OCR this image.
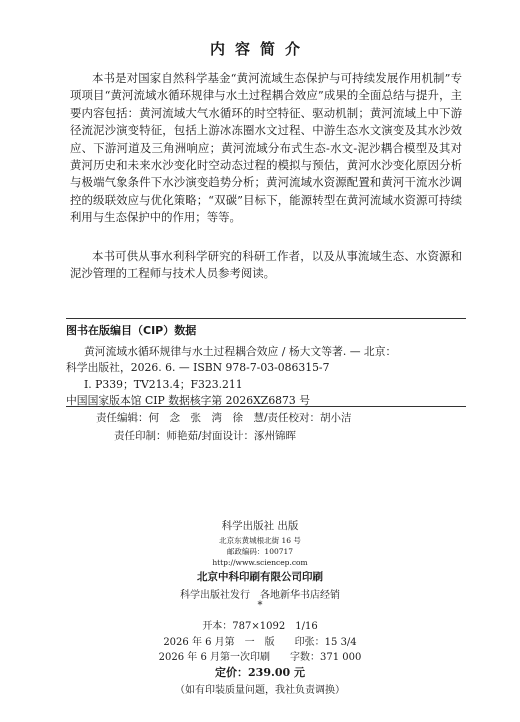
内容简介

本书是对国家自然科学基金“黄河流域生态保护与可持续发展作用机制”专项项目“黄河流域水循环规律与水土过程耦合效应”成果的全面总结与提升，主要内容包括：黄河流域大气水循环的时空特征、驱动机制；黄河流域上中下游径流泥沙演变特征，包括上游冰冻圈水文过程、中游生态水文演变及其水沙效应、下游河道及三角洲响应；黄河流域分布式生态-水文-泥沙耦合模型及其对黄河历史和未来水沙变化时空动态过程的模拟与预估，黄河水沙变化原因分析与极端气象条件下水沙演变趋势分析；黄河流域水资源配置和黄河干流水沙调控的级联效应与优化策略；“双碳”目标下，能源转型在黄河流域水资源可持续利用与生态保护中的作用；等等。

本书可供从事水利科学研究的科研工作者，以及从事流域生态、水资源和泥沙管理的工程师与技术人员参考阅读。

图书在版编目（CIP）数据
黄河流域水循环规律与水土过程耦合效应 / 杨大文等著. — 北京：
科学出版社，2026. 6. — ISBN 978-7-03-086315-7
I. P339；TV213.4；F323.211
中国国家版本馆 CIP 数据核字第 2026XZ6873 号
责任编辑：何　念　张　湾　徐　慧/责任校对：胡小洁
责任印制：师艳茹/封面设计：涿州锦晖
科学出版社 出版
北京东黄城根北街 16 号
邮政编码：100717
http://www.sciencep.com
北京中科印刷有限公司印刷
科学出版社发行　各地新华书店经销
*
开本：787×1092　1/16
2026 年 6 月第　一　版　　印张：15 3/4
2026 年 6 月第一次印刷　　字数：371 000
定价：239.00 元
（如有印装质量问题，我社负责调换）
